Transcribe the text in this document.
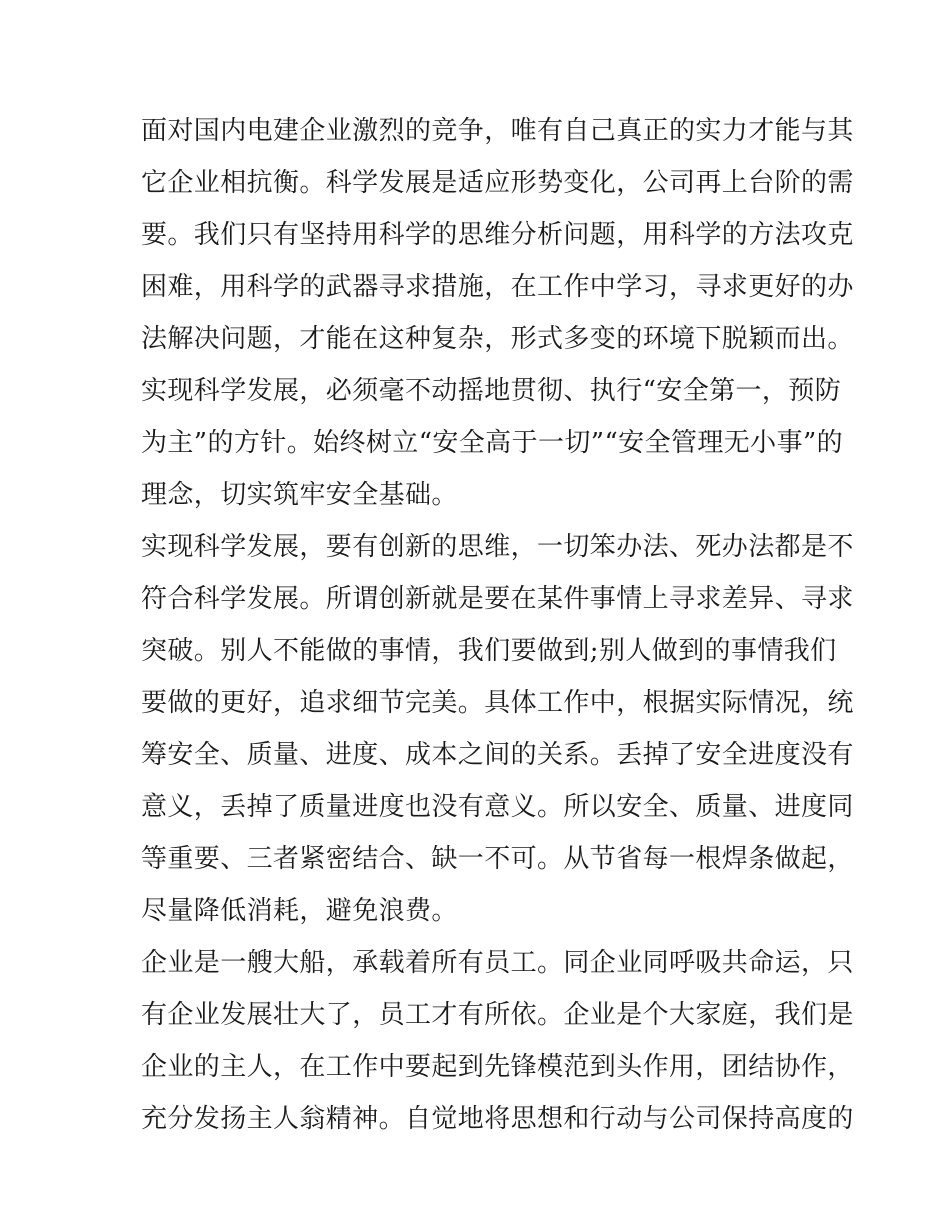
面对国内电建企业激烈的竞争，唯有自己真正的实力才能与其
它企业相抗衡。科学发展是适应形势变化，公司再上台阶的需
要。我们只有坚持用科学的思维分析问题，用科学的方法攻克
困难，用科学的武器寻求措施，在工作中学习，寻求更好的办
法解决问题，才能在这种复杂，形式多变的环境下脱颖而出。
实现科学发展，必须毫不动摇地贯彻、执行“安全第一，预防
为主”的方针。始终树立“安全高于一切”“安全管理无小事”的
理念，切实筑牢安全基础。
实现科学发展，要有创新的思维，一切笨办法、死办法都是不
符合科学发展。所谓创新就是要在某件事情上寻求差异、寻求
突破。别人不能做的事情，我们要做到;别人做到的事情我们
要做的更好，追求细节完美。具体工作中，根据实际情况，统
筹安全、质量、进度、成本之间的关系。丢掉了安全进度没有
意义，丢掉了质量进度也没有意义。所以安全、质量、进度同
等重要、三者紧密结合、缺一不可。从节省每一根焊条做起，
尽量降低消耗，避免浪费。
企业是一艘大船，承载着所有员工。同企业同呼吸共命运，只
有企业发展壮大了，员工才有所依。企业是个大家庭，我们是
企业的主人，在工作中要起到先锋模范到头作用，团结协作，
充分发扬主人翁精神。自觉地将思想和行动与公司保持高度的
